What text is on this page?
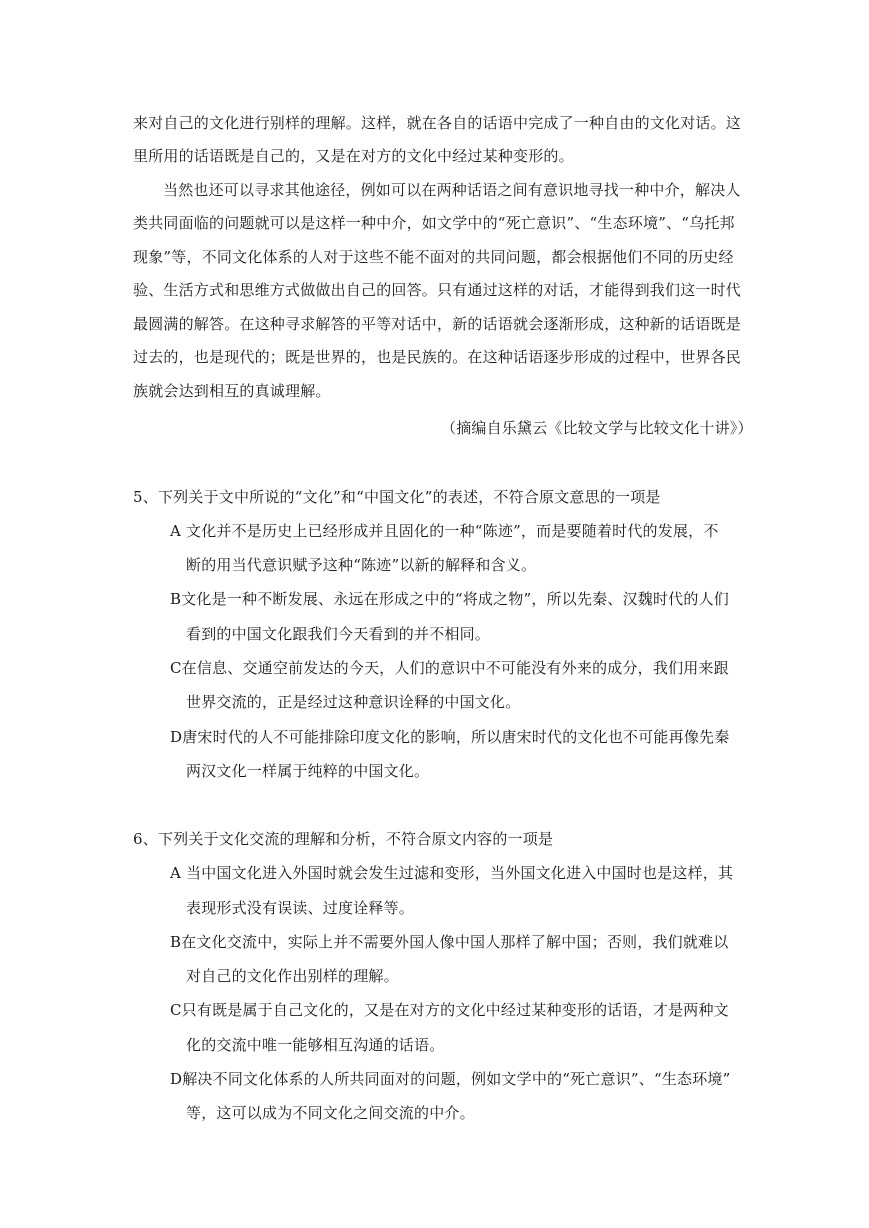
来对自己的文化进行别样的理解。这样，就在各自的话语中完成了一种自由的文化对话。这
里所用的话语既是自己的，又是在对方的文化中经过某种变形的。
当然也还可以寻求其他途径，例如可以在两种话语之间有意识地寻找一种中介，解决人
类共同面临的问题就可以是这样一种中介，如文学中的“死亡意识”、“生态环境”、“乌托邦
现象”等，不同文化体系的人对于这些不能不面对的共同问题，都会根据他们不同的历史经
验、生活方式和思维方式做做出自己的回答。只有通过这样的对话，才能得到我们这一时代
最圆满的解答。在这种寻求解答的平等对话中，新的话语就会逐渐形成，这种新的话语既是
过去的，也是现代的；既是世界的，也是民族的。在这种话语逐步形成的过程中，世界各民
族就会达到相互的真诚理解。
（摘编自乐黛云《比较文学与比较文化十讲》）
5、下列关于文中所说的“文化”和“中国文化”的表述，不符合原文意思的一项是
A 文化并不是历史上已经形成并且固化的一种“陈迹”，而是要随着时代的发展，不
断的用当代意识赋予这种“陈迹”以新的解释和含义。
B文化是一种不断发展、永远在形成之中的“将成之物”，所以先秦、汉魏时代的人们
看到的中国文化跟我们今天看到的并不相同。
C在信息、交通空前发达的今天，人们的意识中不可能没有外来的成分，我们用来跟
世界交流的，正是经过这种意识诠释的中国文化。
D唐宋时代的人不可能排除印度文化的影响，所以唐宋时代的文化也不可能再像先秦
两汉文化一样属于纯粹的中国文化。
6、下列关于文化交流的理解和分析，不符合原文内容的一项是
A 当中国文化进入外国时就会发生过滤和变形，当外国文化进入中国时也是这样，其
表现形式没有误读、过度诠释等。
B在文化交流中，实际上并不需要外国人像中国人那样了解中国；否则，我们就难以
对自己的文化作出别样的理解。
C只有既是属于自己文化的，又是在对方的文化中经过某种变形的话语，才是两种文
化的交流中唯一能够相互沟通的话语。
D解决不同文化体系的人所共同面对的问题，例如文学中的“死亡意识”、“生态环境”
等，这可以成为不同文化之间交流的中介。
